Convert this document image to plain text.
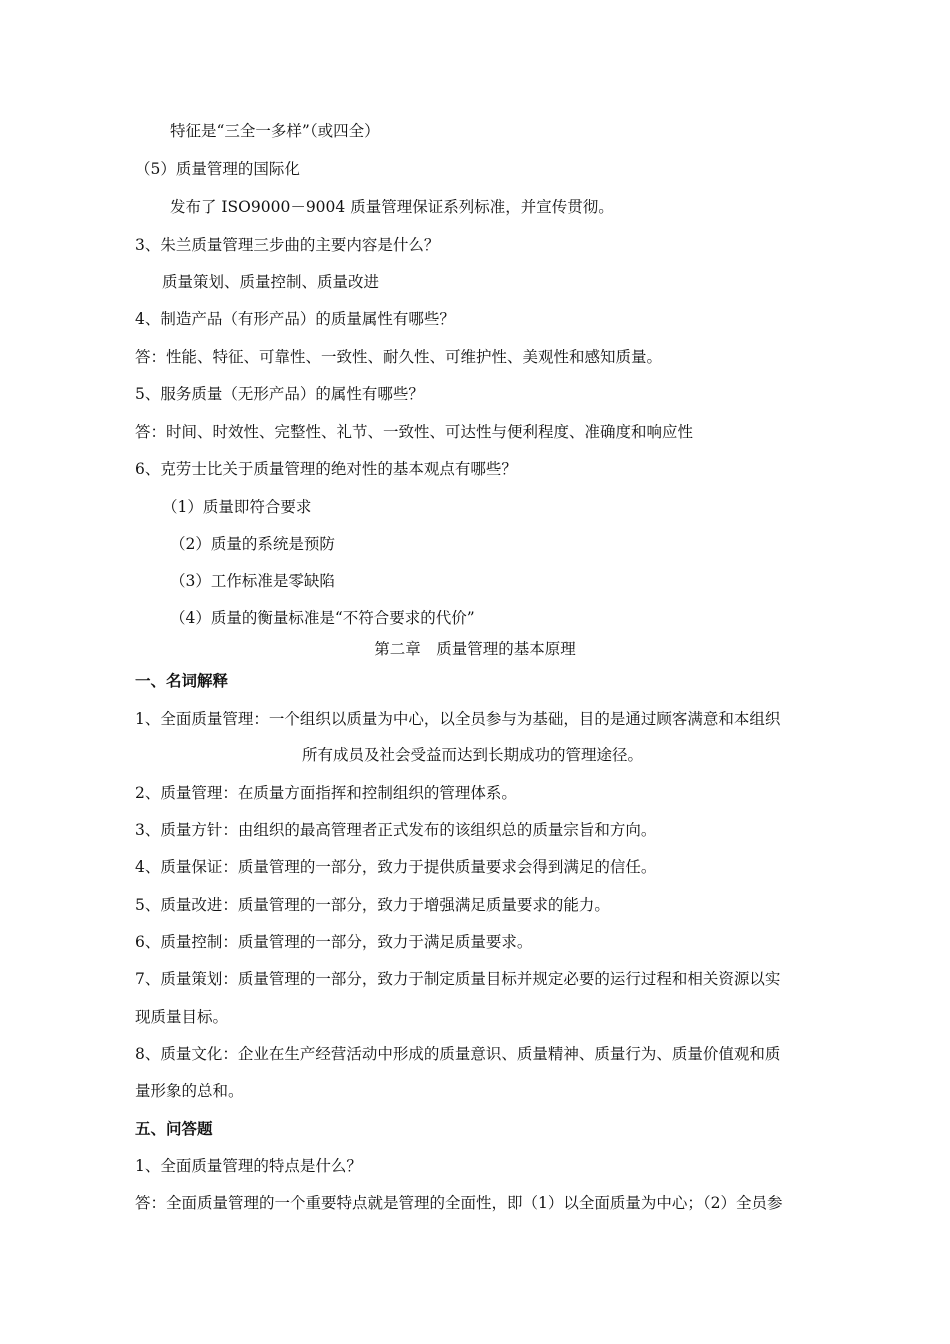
特征是“三全一多样”（或四全）
（5）质量管理的国际化
发布了 ISO9000－9004 质量管理保证系列标准，并宣传贯彻。
3、朱兰质量管理三步曲的主要内容是什么？
质量策划、质量控制、质量改进
4、制造产品（有形产品）的质量属性有哪些？
答：性能、特征、可靠性、一致性、耐久性、可维护性、美观性和感知质量。
5、服务质量（无形产品）的属性有哪些？
答：时间、时效性、完整性、礼节、一致性、可达性与便利程度、准确度和响应性
6、克劳士比关于质量管理的绝对性的基本观点有哪些？
（1）质量即符合要求
（2）质量的系统是预防
（3）工作标准是零缺陷
（4）质量的衡量标准是“不符合要求的代价”
第二章　质量管理的基本原理
一、名词解释
1、全面质量管理：一个组织以质量为中心，以全员参与为基础，目的是通过顾客满意和本组织
所有成员及社会受益而达到长期成功的管理途径。
2、质量管理：在质量方面指挥和控制组织的管理体系。
3、质量方针：由组织的最高管理者正式发布的该组织总的质量宗旨和方向。
4、质量保证：质量管理的一部分，致力于提供质量要求会得到满足的信任。
5、质量改进：质量管理的一部分，致力于增强满足质量要求的能力。
6、质量控制：质量管理的一部分，致力于满足质量要求。
7、质量策划：质量管理的一部分，致力于制定质量目标并规定必要的运行过程和相关资源以实
现质量目标。
8、质量文化：企业在生产经营活动中形成的质量意识、质量精神、质量行为、质量价值观和质
量形象的总和。
五、问答题
1、全面质量管理的特点是什么？
答：全面质量管理的一个重要特点就是管理的全面性，即（1）以全面质量为中心；（2）全员参
